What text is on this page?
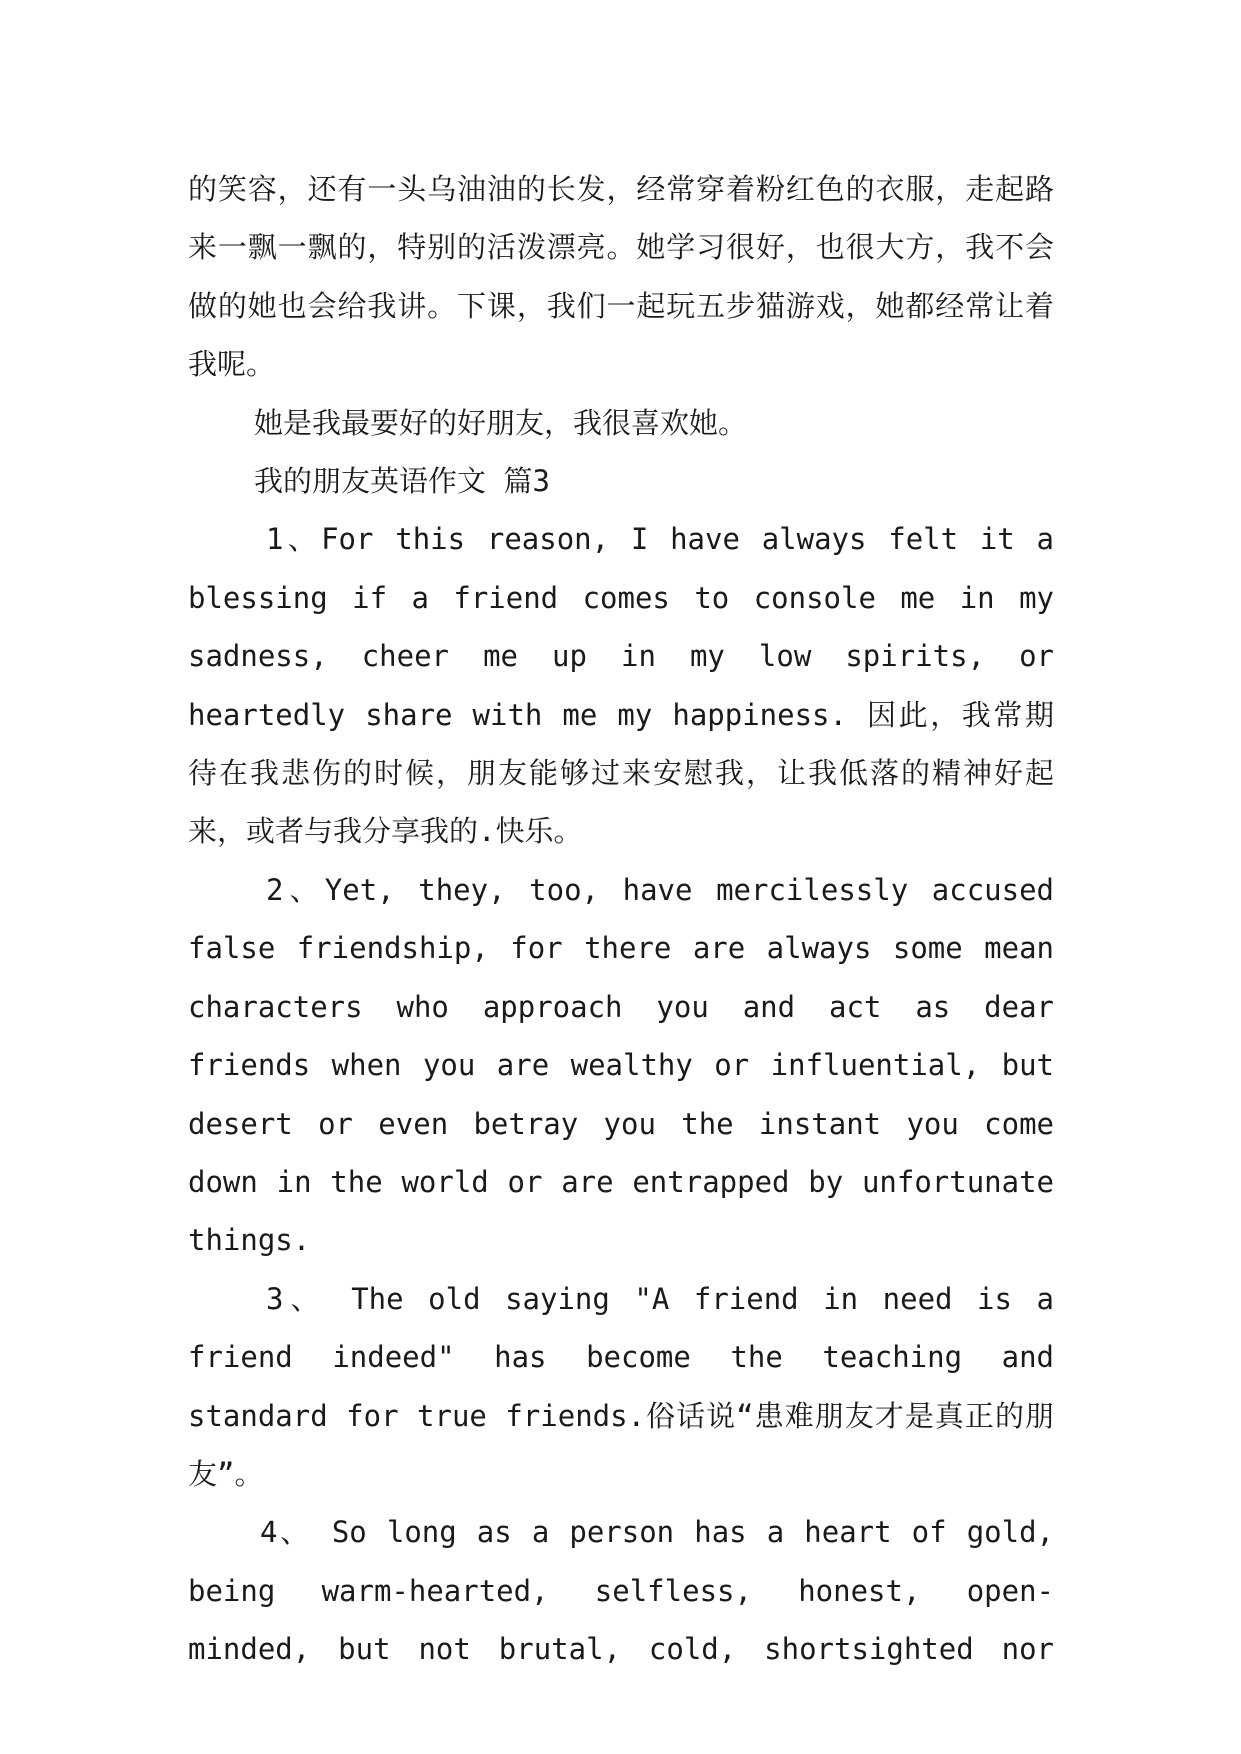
的笑容，还有一头乌油油的长发，经常穿着粉红色的衣服，走起路来一飘一飘的，特别的活泼漂亮。她学习很好，也很大方，我不会做的她也会给我讲。下课，我们一起玩五步猫游戏，她都经常让着我呢。

她是我最要好的好朋友，我很喜欢她。

我的朋友英语作文 篇3

1、For this reason, I have always felt it a blessing if a friend comes to console me in my sadness, cheer me up in my low spirits, or heartedly share with me my happiness. 因此，我常期待在我悲伤的时候，朋友能够过来安慰我，让我低落的精神好起来，或者与我分享我的.快乐。

2、Yet, they, too, have mercilessly accused false friendship, for there are always some mean characters who approach you and act as dear friends when you are wealthy or influential, but desert or even betray you the instant you come down in the world or are entrapped by unfortunate things.

3、 The old saying "A friend in need is a friend indeed" has become the teaching and standard for true friends.俗话说“患难朋友才是真正的朋友”。

4、 So long as a person has a heart of gold, being warm-hearted, selfless, honest, open-minded, but not brutal, cold, shortsighted nor
